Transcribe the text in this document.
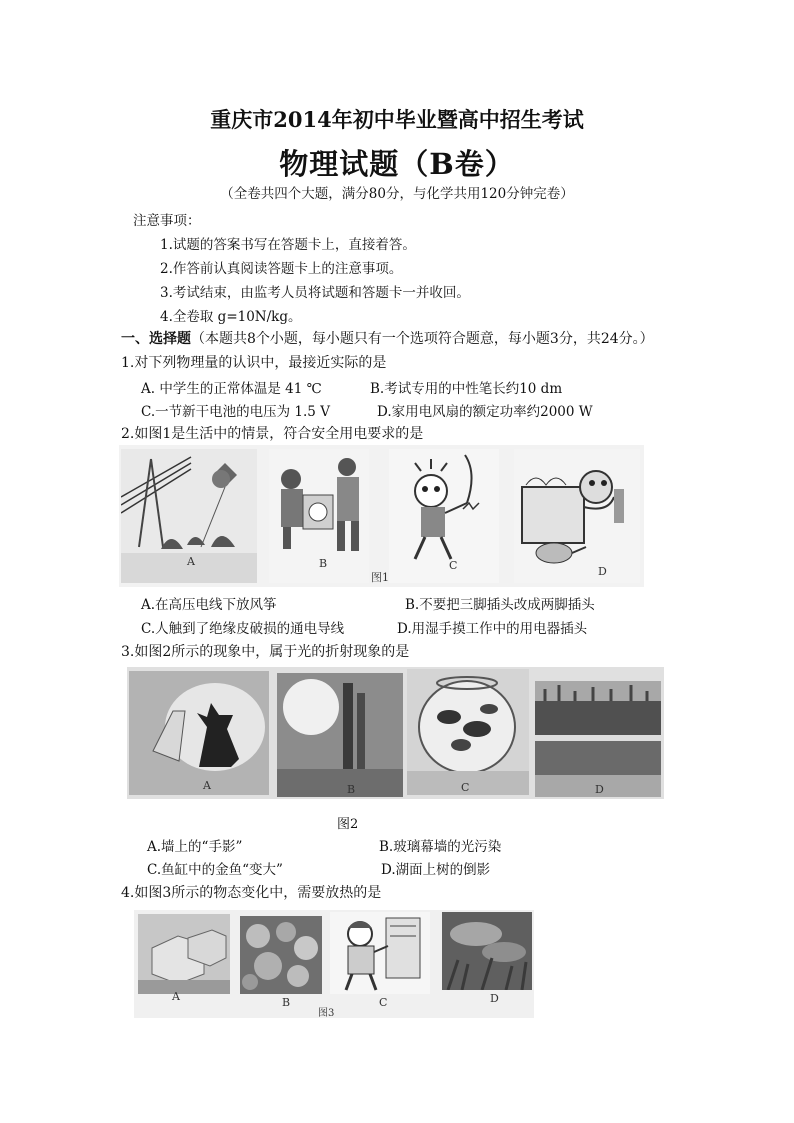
重庆市2014年初中毕业暨高中招生考试
物理试题（B卷）
（全卷共四个大题，满分80分，与化学共用120分钟完卷）
注意事项：
1.试题的答案书写在答题卡上，直接着答。
2.作答前认真阅读答题卡上的注意事项。
3.考试结束，由监考人员将试题和答题卡一并收回。
4.全卷取 g=10N/kg。
一、选择题（本题共8个小题，每小题只有一个选项符合题意，每小题3分，共24分。）
1.对下列物理量的认识中，最接近实际的是
A. 中学生的正常体温是 41 ℃	B.考试专用的中性笔长约10 dm
C.一节新干电池的电压为 1.5 V	D.家用电风扇的额定功率约2000 W
2.如图1是生活中的情景，符合安全用电要求的是
A	B	C	D
图1
A.在高压电线下放风筝	B.不要把三脚插头改成两脚插头
C.人触到了绝缘皮破损的通电导线	D.用湿手摸工作中的用电器插头
3.如图2所示的现象中，属于光的折射现象的是
A	B	C	D
图2
A.墙上的“手影”	B.玻璃幕墙的光污染
C.鱼缸中的金鱼“变大”	D.湖面上树的倒影
4.如图3所示的物态变化中，需要放热的是
A	B	C	D
图3
